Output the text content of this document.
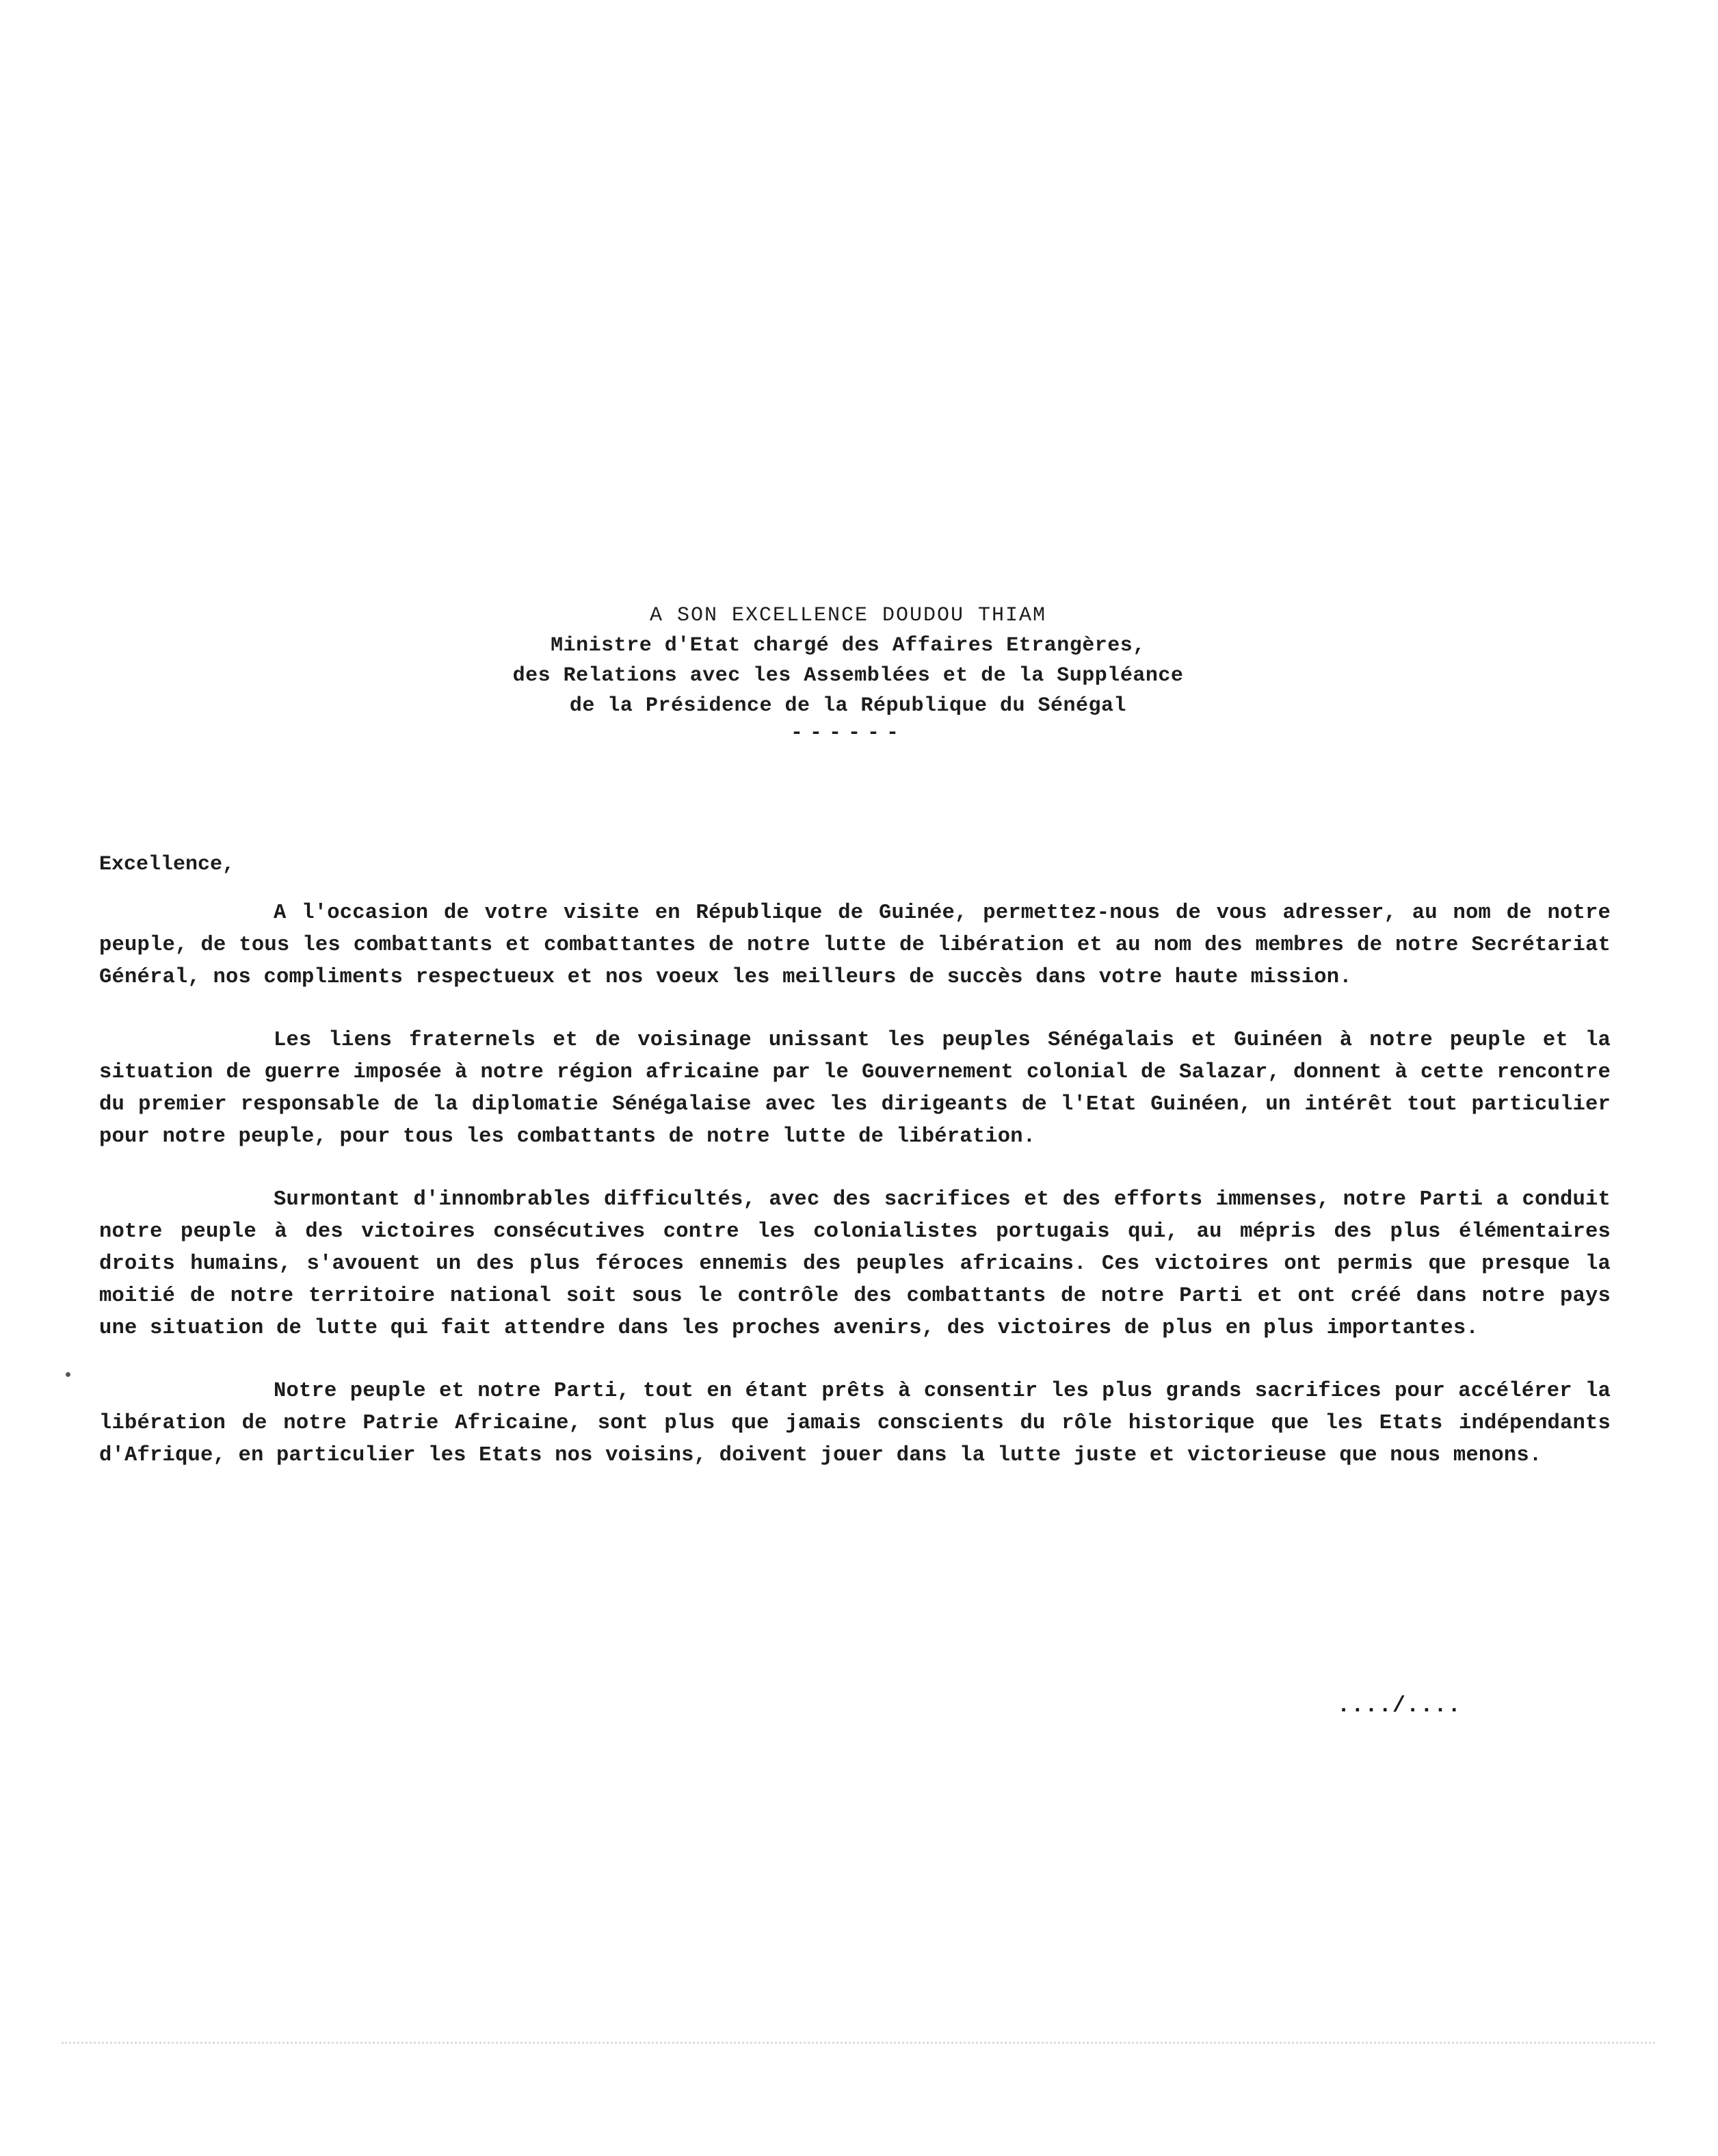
A SON EXCELLENCE DOUDOU THIAM
Ministre d'Etat chargé des Affaires Etrangères,
des Relations avec les Assemblées et de la Suppléance
de la Présidence de la République du Sénégal
------
Excellence,

A l'occasion de votre visite en République de Guinée, permettez-nous de vous adresser, au nom de notre peuple, de tous les combattants et combattantes de notre lutte de libération et au nom des membres de notre Secrétariat Général, nos compliments respectueux et nos voeux les meilleurs de succès dans votre haute mission.

Les liens fraternels et de voisinage unissant les peuples Sénégalais et Guinéen à notre peuple et la situation de guerre imposée à notre région africaine par le Gouvernement colonial de Salazar, donnent à cette rencontre du premier responsable de la diplomatie Sénégalaise avec les dirigeants de l'Etat Guinéen, un intérêt tout particulier pour notre peuple, pour tous les combattants de notre lutte de libération.

Surmontant d'innombrables difficultés, avec des sacrifices et des efforts immenses, notre Parti a conduit notre peuple à des victoires consécutives contre les colonialistes portugais qui, au mépris des plus élémentaires droits humains, s'avouent un des plus féroces ennemis des peuples africains. Ces victoires ont permis que presque la moitié de notre territoire national soit sous le contrôle des combattants de notre Parti et ont créé dans notre pays une situation de lutte qui fait attendre dans les proches avenirs, des victoires de plus en plus importantes.

Notre peuple et notre Parti, tout en étant prêts à consentir les plus grands sacrifices pour accélérer la libération de notre Patrie Africaine, sont plus que jamais conscients du rôle historique que les Etats indépendants d'Afrique, en particulier les Etats nos voisins, doivent jouer dans la lutte juste et victorieuse que nous menons.

..../....
